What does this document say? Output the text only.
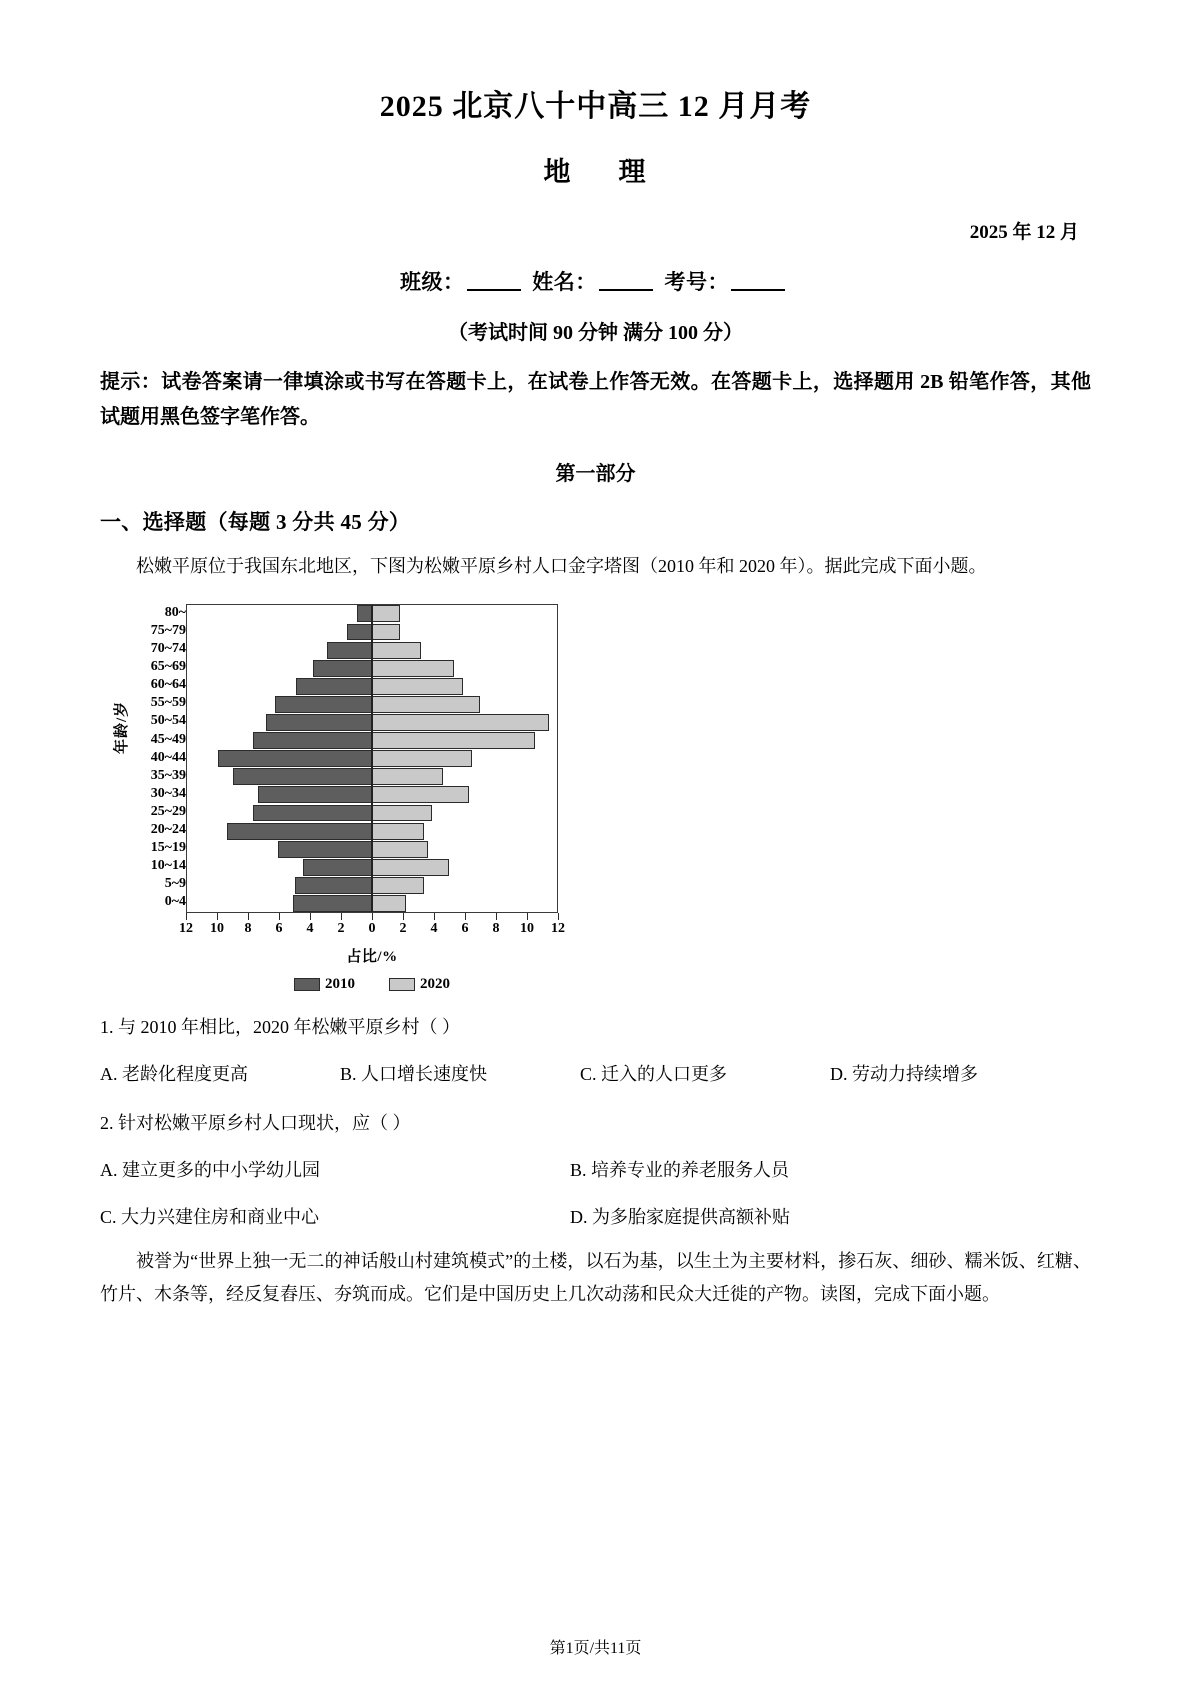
2025 北京八十中高三 12 月月考
地 理

2025 年 12 月

班级：	姓名：	考号：

（考试时间 90 分钟 满分 100 分）

提示：试卷答案请一律填涂或书写在答题卡上，在试卷上作答无效。在答题卡上，选择题用 2B 铅笔作答，其他试题用黑色签字笔作答。

第一部分

一、选择题（每题 3 分共 45 分）

松嫩平原位于我国东北地区，下图为松嫩平原乡村人口金字塔图（2010 年和 2020 年）。据此完成下面小题。

年龄/岁
80~
75~79
70~74
65~69
60~64
55~59
50~54
45~49
40~44
35~39
30~34
25~29
20~24
15~19
10~14
5~9
0~4
12 10 8 6 4 2 0 2 4 6 8 10 12
占比/%
2010	2020

1. 与 2010 年相比，2020 年松嫩平原乡村（ ）

A. 老龄化程度更高	B. 人口增长速度快	C. 迁入的人口更多	D. 劳动力持续增多

2. 针对松嫩平原乡村人口现状，应（ ）

A. 建立更多的中小学幼儿园	B. 培养专业的养老服务人员
C. 大力兴建住房和商业中心	D. 为多胎家庭提供高额补贴

被誉为“世界上独一无二的神话般山村建筑模式”的土楼，以石为基，以生土为主要材料，掺石灰、细砂、糯米饭、红糖、竹片、木条等，经反复舂压、夯筑而成。它们是中国历史上几次动荡和民众大迁徙的产物。读图，完成下面小题。

第1页/共11页
